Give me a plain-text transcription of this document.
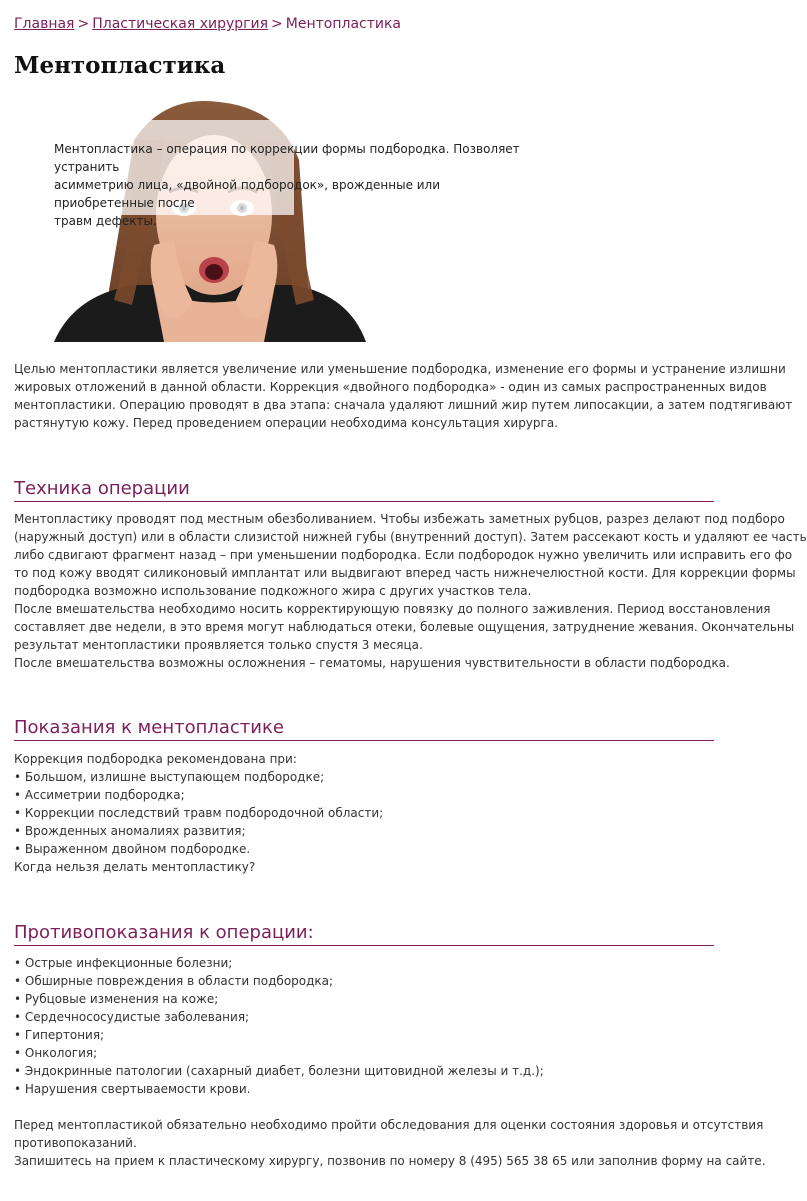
Главная > Пластическая хирургия > Ментопластика
Ментопластика
Ментопластика – операция по коррекции формы подбородка. Позволяет устранить
асимметрию лица, «двойной подбородок», врожденные или приобретенные после
травм дефекты.
Целью ментопластики является увеличение или уменьшение подбородка, изменение его формы и устранение излишни
жировых отложений в данной области. Коррекция «двойного подбородка» - один из самых распространенных видов
ментопластики. Операцию проводят в два этапа: сначала удаляют лишний жир путем липосакции, а затем подтягивают
растянутую кожу. Перед проведением операции необходима консультация хирурга.
Техника операции
Ментопластику проводят под местным обезболиванием. Чтобы избежать заметных рубцов, разрез делают под подборо
(наружный доступ) или в области слизистой нижней губы (внутренний доступ). Затем рассекают кость и удаляют ее часть
либо сдвигают фрагмент назад – при уменьшении подбородка. Если подбородок нужно увеличить или исправить его фо
то под кожу вводят силиконовый имплантат или выдвигают вперед часть нижнечелюстной кости. Для коррекции формы
подбородка возможно использование подкожного жира с других участков тела.
После вмешательства необходимо носить корректирующую повязку до полного заживления. Период восстановления
составляет две недели, в это время могут наблюдаться отеки, болевые ощущения, затруднение жевания. Окончательны
результат ментопластики проявляется только спустя 3 месяца.
После вмешательства возможны осложнения – гематомы, нарушения чувствительности в области подбородка.
Показания к ментопластике
Коррекция подбородка рекомендована при:
• Большом, излишне выступающем подбородке;
• Ассиметрии подбородка;
• Коррекции последствий травм подбородочной области;
• Врожденных аномалиях развития;
• Выраженном двойном подбородке.
Когда нельзя делать ментопластику?
Противопоказания к операции:
• Острые инфекционные болезни;
• Обширные повреждения в области подбородка;
• Рубцовые изменения на коже;
• Сердечнососудистые заболевания;
• Гипертония;
• Онкология;
• Эндокринные патологии (сахарный диабет, болезни щитовидной железы и т.д.);
• Нарушения свертываемости крови.
Перед ментопластикой обязательно необходимо пройти обследования для оценки состояния здоровья и отсутствия
противопоказаний.
Запишитесь на прием к пластическому хирургу, позвонив по номеру 8 (495) 565 38 65 или заполнив форму на сайте.
